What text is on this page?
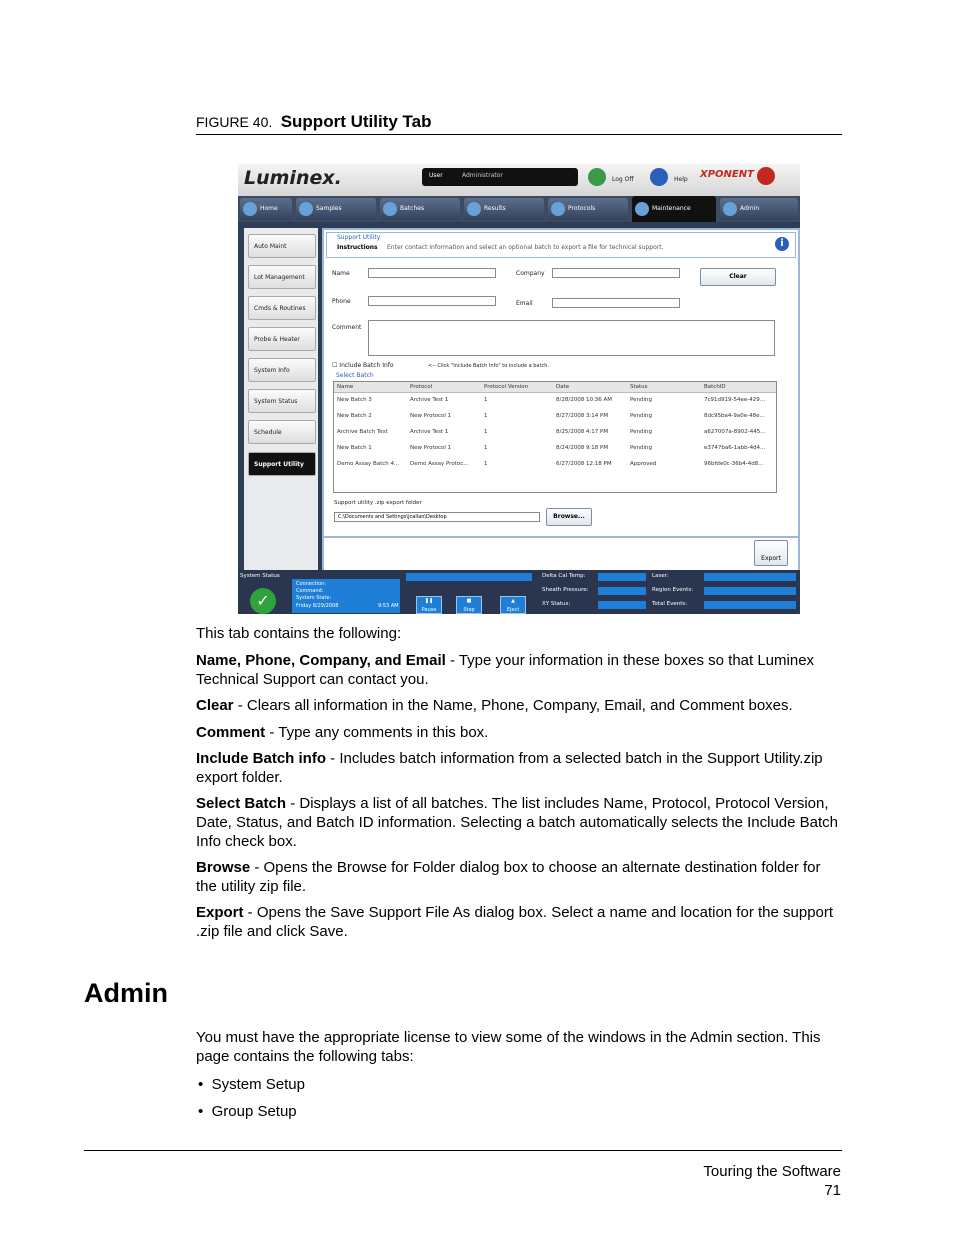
FIGURE 40. Support Utility Tab
Luminex.	User	Administrator
Log Off	Help XPONENT
Home	Samples	Batches	Results	Protocols	Maintenance	Admin
Auto Maint
Lot Management
Cmds & Routines
Probe & Heater
System Info
System Status
Schedule
Support Utility
Support Utility
Instructions Enter contact information and select an optional batch to export a file for technical support.	i
Name	Company	Clear
Phone	Email
Comment
☐ Include Batch Info	<-- Click "Include Batch Info" to include a batch.
Select Batch
Name	Protocol	Protocol Version	Date	Status	BatchID
New Batch 3	Archive Test 1	1	8/28/2008 10:36 AM	Pending	7c91d919-54ee-429...
New Batch 2	New Protocol 1	1	8/27/2008 3:14 PM	Pending	8dc95ba4-9a0e-48e...
Archive Batch Test	Archive Test 1	1	8/25/2008 4:17 PM	Pending	a627007a-8902-445...
New Batch 1	New Protocol 1	1	8/24/2008 9:18 PM	Pending	e3747ba6-1abb-4d4...
Demo Assay Batch 4... Demo Assay Protoc...	1	6/27/2008 12:18 PM	Approved	96bfde0c-36b4-4d8...
Support utility .zip export folder
C:\Documents and Settings\jcallan\Desktop	Browse...
Export
System Status
✓
Connection:
Command:
System State:
Friday 8/29/2008	9:53 AM
❚❚
Pause
■
Stop
▲
Eject
Delta Cal Temp:
Sheath Pressure:
XY Status:
Laser:
Region Events:
Total Events:
This tab contains the following:
Name, Phone, Company, and Email - Type your information in these boxes so that Luminex Technical Support can contact you.
Clear - Clears all information in the Name, Phone, Company, Email, and Comment boxes.
Comment - Type any comments in this box.
Include Batch info - Includes batch information from a selected batch in the Support Utility.zip export folder.
Select Batch - Displays a list of all batches. The list includes Name, Protocol, Protocol Version, Date, Status, and Batch ID information. Selecting a batch automatically selects the Include Batch Info check box.
Browse - Opens the Browse for Folder dialog box to choose an alternate destination folder for the utility zip file.
Export - Opens the Save Support File As dialog box. Select a name and location for the support .zip file and click Save.
Admin
You must have the appropriate license to view some of the windows in the Admin section. This page contains the following tabs:
•  System Setup
•  Group Setup
Touring the Software
71
